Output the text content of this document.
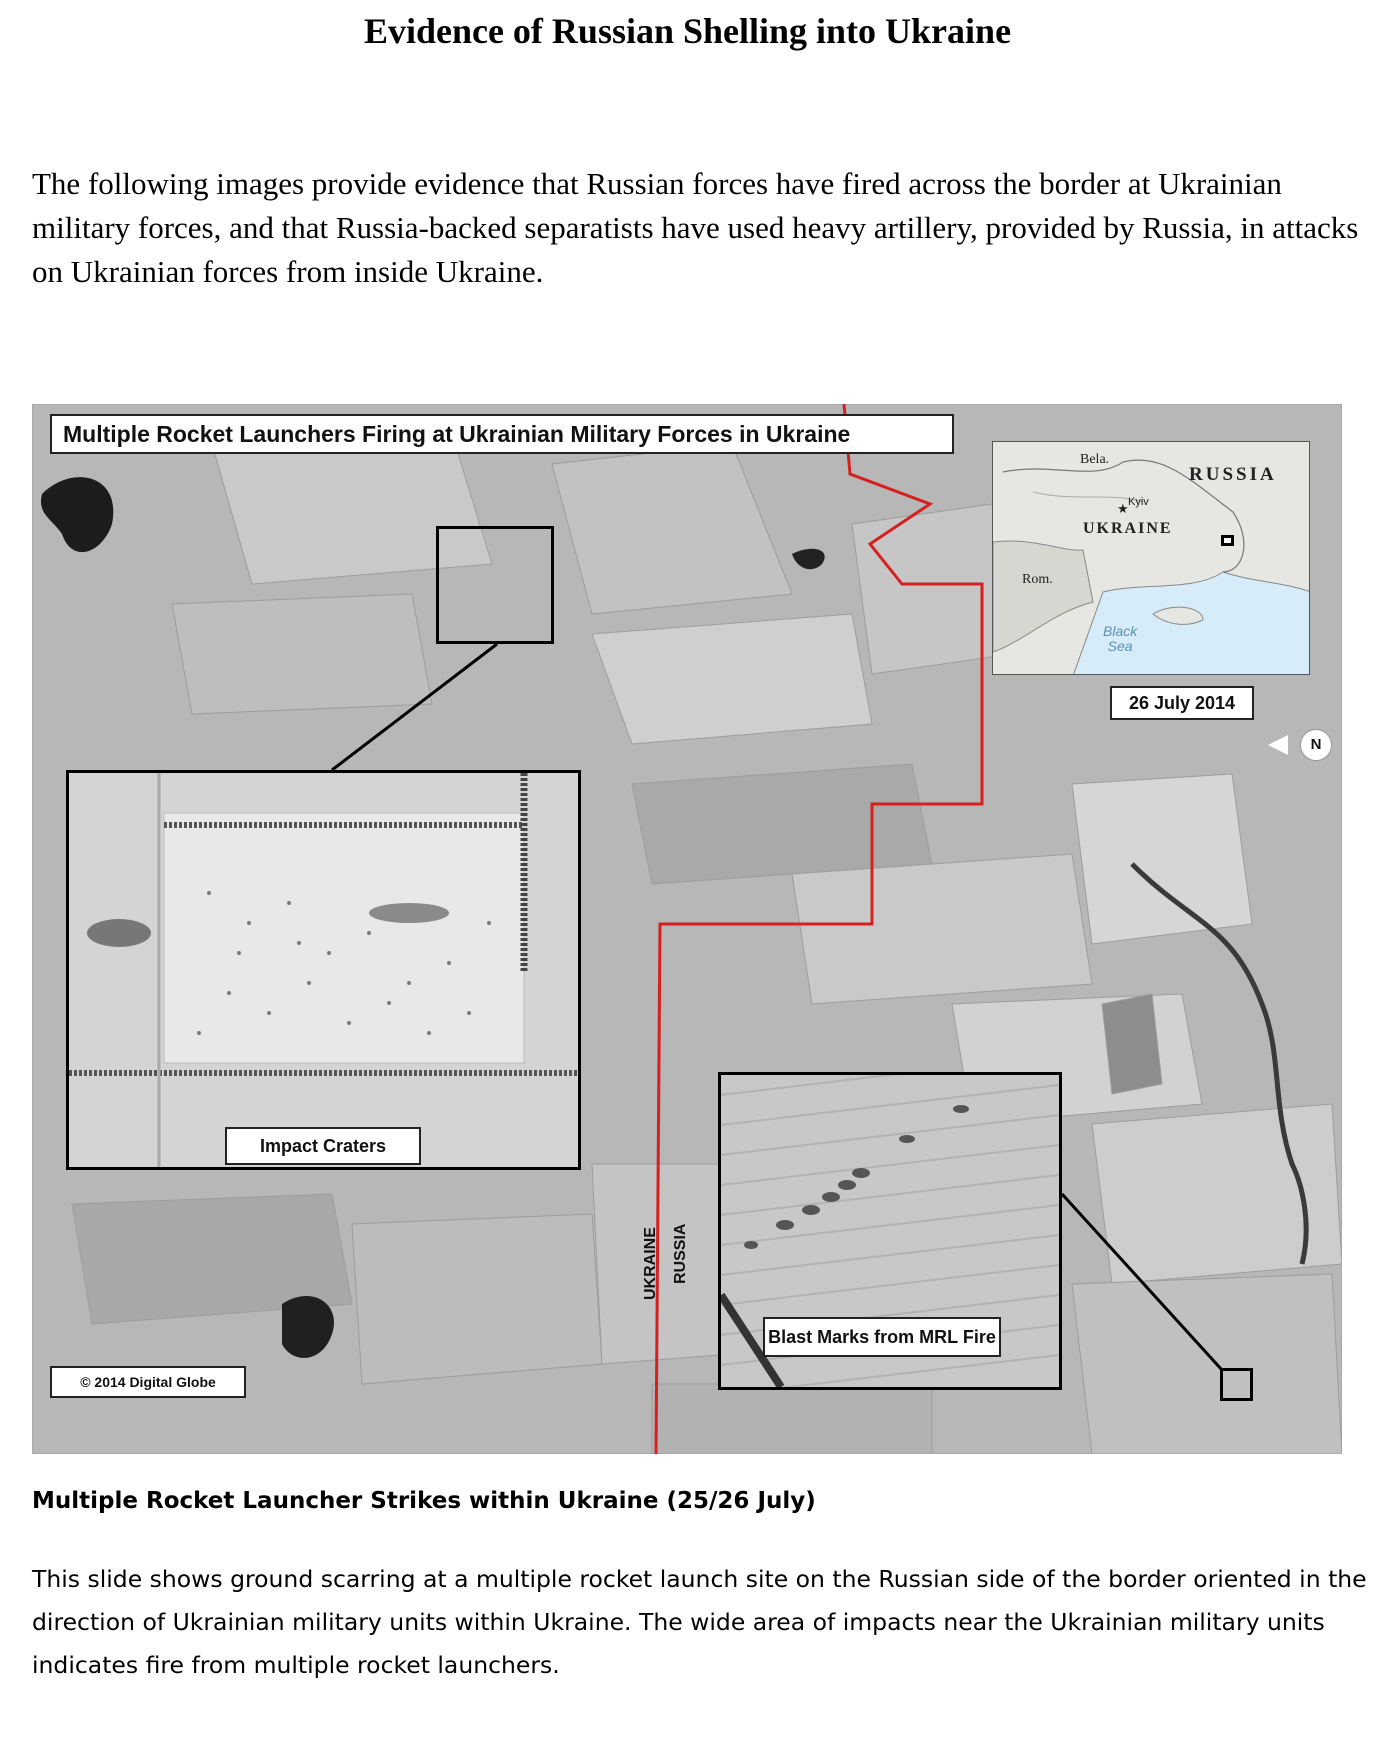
Evidence of Russian Shelling into Ukraine
The following images provide evidence that Russian forces have fired across the border at Ukrainian military forces, and that Russia-backed separatists have used heavy artillery, provided by Russia, in attacks on Ukrainian forces from inside Ukraine.
Impact Craters
Blast Marks from MRL Fire
Bela.
RUSSIA
★ Kyiv
UKRAINE
Rom.
Black
Sea
Multiple Rocket Launchers Firing at Ukrainian Military Forces in Ukraine
26 July 2014
© 2014 Digital Globe
N
UKRAINE RUSSIA
Multiple Rocket Launcher Strikes within Ukraine (25/26 July)
This slide shows ground scarring at a multiple rocket launch site on the Russian side of the border oriented in the direction of Ukrainian military units within Ukraine. The wide area of impacts near the Ukrainian military units indicates fire from multiple rocket launchers.
